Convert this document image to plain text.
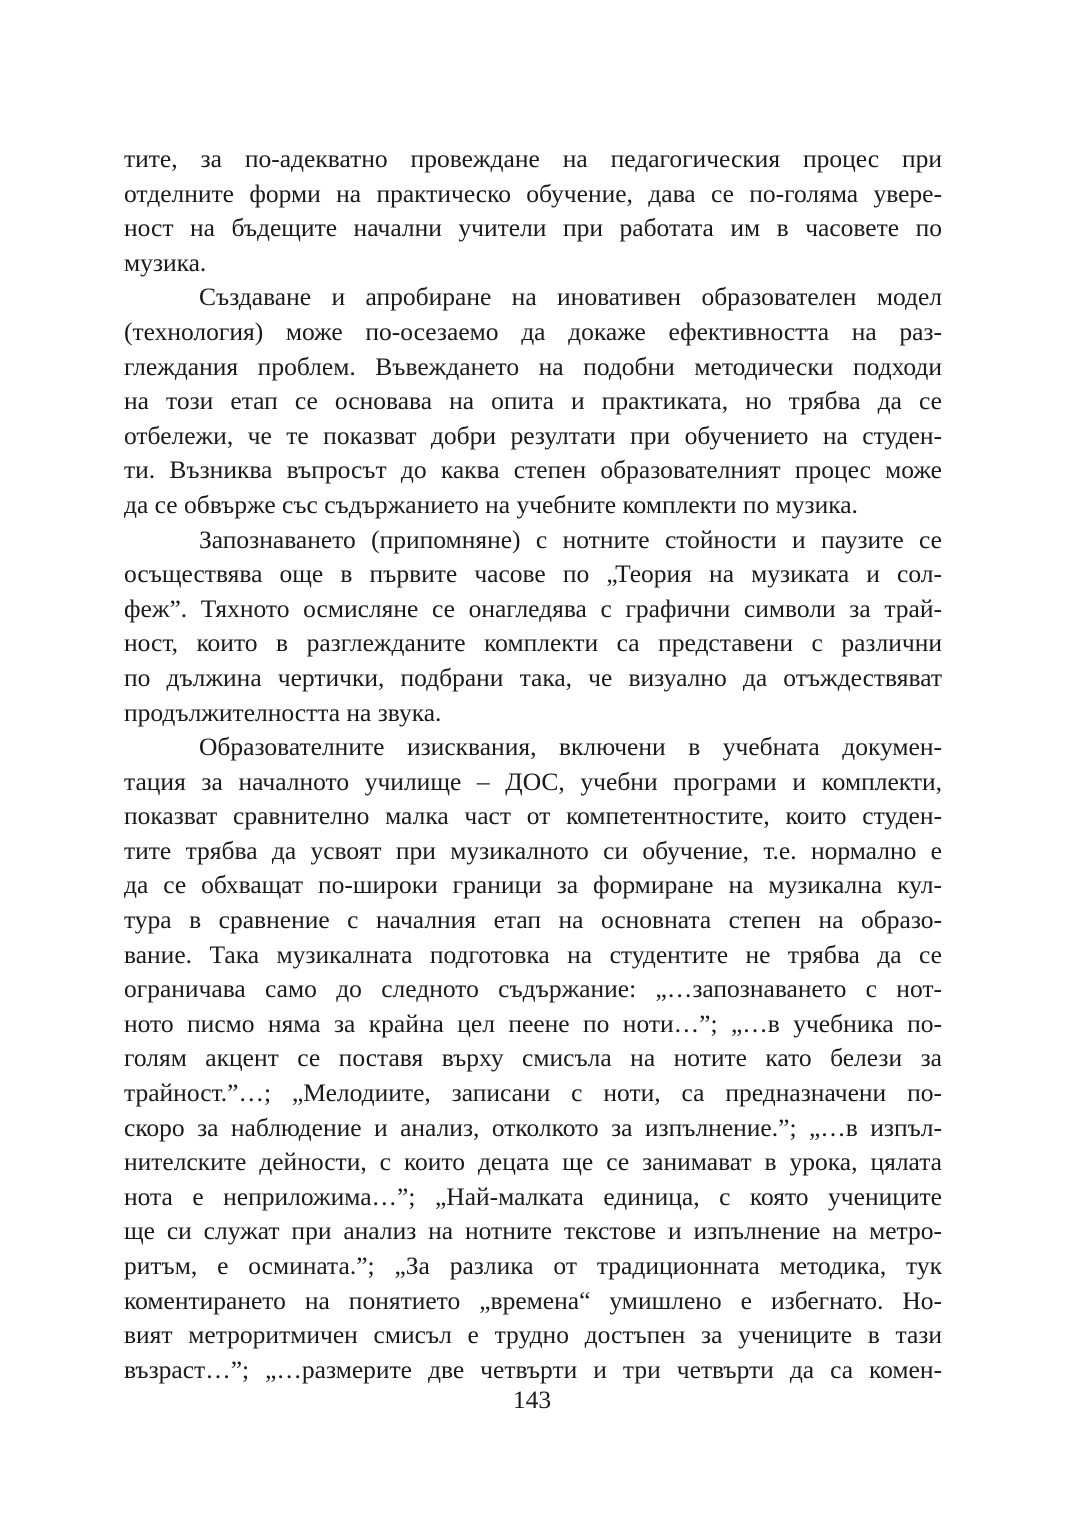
тите, за по-адекватно провеждане на педагогическия процес при
отделните форми на практическо обучение, дава се по-голяма увере-
ност на бъдещите начални учители при работата им в часовете по
музика.
Създаване и апробиране на иновативен образователен модел
(технология) може по-осезаемо да докаже ефективността на раз-
глеждания проблем. Въвеждането на подобни методически подходи
на този етап се основава на опита и практиката, но трябва да се
отбележи, че те показват добри резултати при обучението на студен-
ти. Възниква въпросът до каква степен образователният процес може
да се обвърже със съдържанието на учебните комплекти по музика.
Запознаването (припомняне) с нотните стойности и паузите се
осъществява още в първите часове по „Теория на музиката и сол-
феж”. Тяхното осмисляне се онагледява с графични символи за трай-
ност, които в разглежданите комплекти са представени с различни
по дължина чертички, подбрани така, че визуално да отъждествяват
продължителността на звука.
Образователните изисквания, включени в учебната докумен-
тация за началното училище – ДОС, учебни програми и комплекти,
показват сравнително малка част от компетентностите, които студен-
тите трябва да усвоят при музикалното си обучение, т.е. нормално е
да се обхващат по-широки граници за формиране на музикална кул-
тура в сравнение с началния етап на основната степен на образо-
вание. Така музикалната подготовка на студентите не трябва да се
ограничава само до следното съдържание: „…запознаването с нот-
ното писмо няма за крайна цел пеене по ноти…”; „…в учебника по-
голям акцент се поставя върху смисъла на нотите като белези за
трайност.”…; „Мелодиите, записани с ноти, са предназначени по-
скоро за наблюдение и анализ, отколкото за изпълнение.”; „…в изпъл-
нителските дейности, с които децата ще се занимават в урока, цялата
нота е неприложима…”; „Най-малката единица, с която учениците
ще си служат при анализ на нотните текстове и изпълнение на метро-
ритъм, е осмината.”; „За разлика от традиционната методика, тук
коментирането на понятието „времена“ умишлено е избегнато. Но-
вият метроритмичен смисъл е трудно достъпен за учениците в тази
възраст…”; „…размерите две четвърти и три четвърти да са комен-
143
